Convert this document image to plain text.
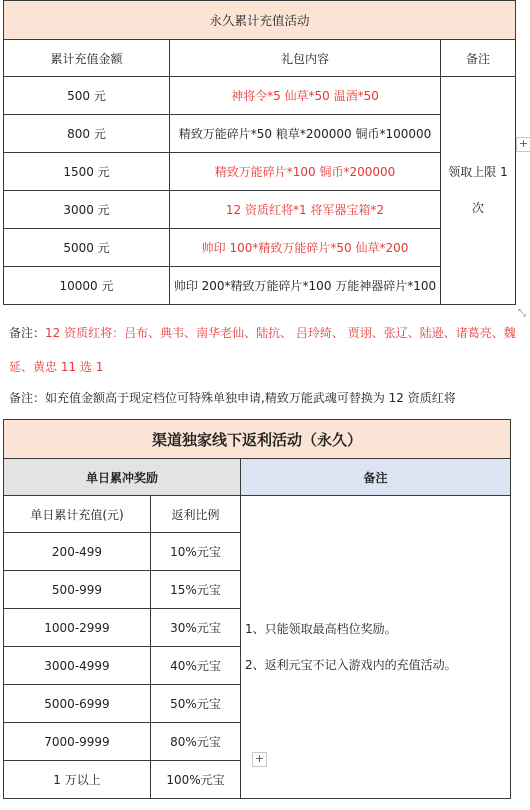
永久累计充值活动		
累计充值金额	礼包内容	备注
500 元	神将令*5 仙草*50 温酒*50	领取上限 1 次
800 元	精致万能碎片*50 粮草*200000 铜币*100000	
1500 元	精致万能碎片*100 铜币*200000	
3000 元	12 资质红将*1 将军器宝箱*2	
5000 元	帅印 100*精致万能碎片*50 仙草*200	
10000 元	帅印 200*精致万能碎片*100 万能神器碎片*100	
+
⤡
备注：12 资质红将：吕布、典韦、南华老仙、陆抗、 吕玲绮、 贾诩、张辽、陆逊、诸葛亮、魏延、黄忠 11 选 1
备注：如充值金额高于现定档位可特殊单独申请,精致万能武魂可替换为 12 资质红将
渠道独家线下返利活动（永久）		
单日累冲奖励		备注
单日累计充值(元)	返利比例	1、只能领取最高档位奖励。
2、返利元宝不记入游戏内的充值活动。

200-499	10%元宝	
500-999	15%元宝	
1000-2999	30%元宝	
3000-4999	40%元宝	
5000-6999	50%元宝	
7000-9999	80%元宝	
1 万以上	100%元宝	
+
